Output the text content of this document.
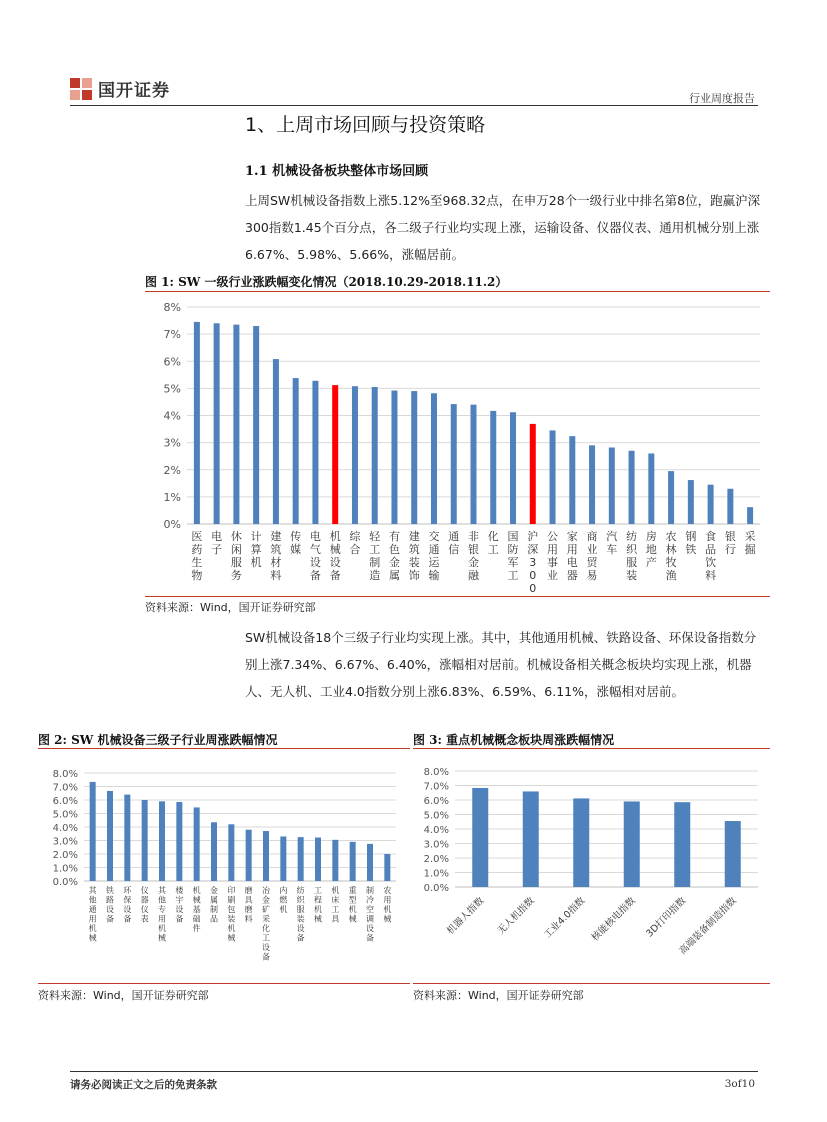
国开证券	行业周度报告
1、上周市场回顾与投资策略
1.1 机械设备板块整体市场回顾
上周SW机械设备指数上涨5.12%至968.32点，在申万28个一级行业中排名第8位，跑赢沪深300指数1.45个百分点，各二级子行业均实现上涨，运输设备、仪器仪表、通用机械分别上涨6.67%、5.98%、5.66%，涨幅居前。
图 1: SW 一级行业涨跌幅变化情况（2018.10.29-2018.11.2）
0%
1%
2%
3%
4%
5%
6%
7%
8%
医药生物
电子
休闲服务
计算机
建筑材料
传媒
电气设备
机械设备
综合
轻工制造
有色金属
建筑装饰
交通运输
通信
非银金融
化工
国防军工
沪深 3 0 0
公用事业
家用电器
商业贸易
汽车
纺织服装
房地产
农林牧渔
钢铁
食品饮料
银行
采掘
资料来源：Wind，国开证券研究部
SW机械设备18个三级子行业均实现上涨。其中，其他通用机械、铁路设备、环保设备指数分别上涨7.34%、6.67%、6.40%，涨幅相对居前。机械设备相关概念板块均实现上涨，机器人、无人机、工业4.0指数分别上涨6.83%、6.59%、6.11%，涨幅相对居前。
图 2: SW 机械设备三级子行业周涨跌幅情况
0.0%
1.0%
2.0%
3.0%
4.0%
5.0%
6.0%
7.0%
8.0%
其他通用机械
铁路设备
环保设备
仪器仪表
其他专用机械
楼宇设备
机械基础件
金属制品
印刷包装机械
磨具磨料
冶金矿采化工设备
内燃机
纺织服装设备
工程机械
机床工具
重型机械
制冷空调设备
农用机械
资料来源：Wind，国开证券研究部
图 3: 重点机械概念板块周涨跌幅情况
0.0%
1.0%
2.0%
3.0%
4.0%
5.0%
6.0%
7.0%
8.0%
机器人指数 无人机指数 工业4.0指数 核能核电指数 3D打印指数
高端装备制造指数
资料来源：Wind，国开证券研究部
请务必阅读正文之后的免责条款	3of10
